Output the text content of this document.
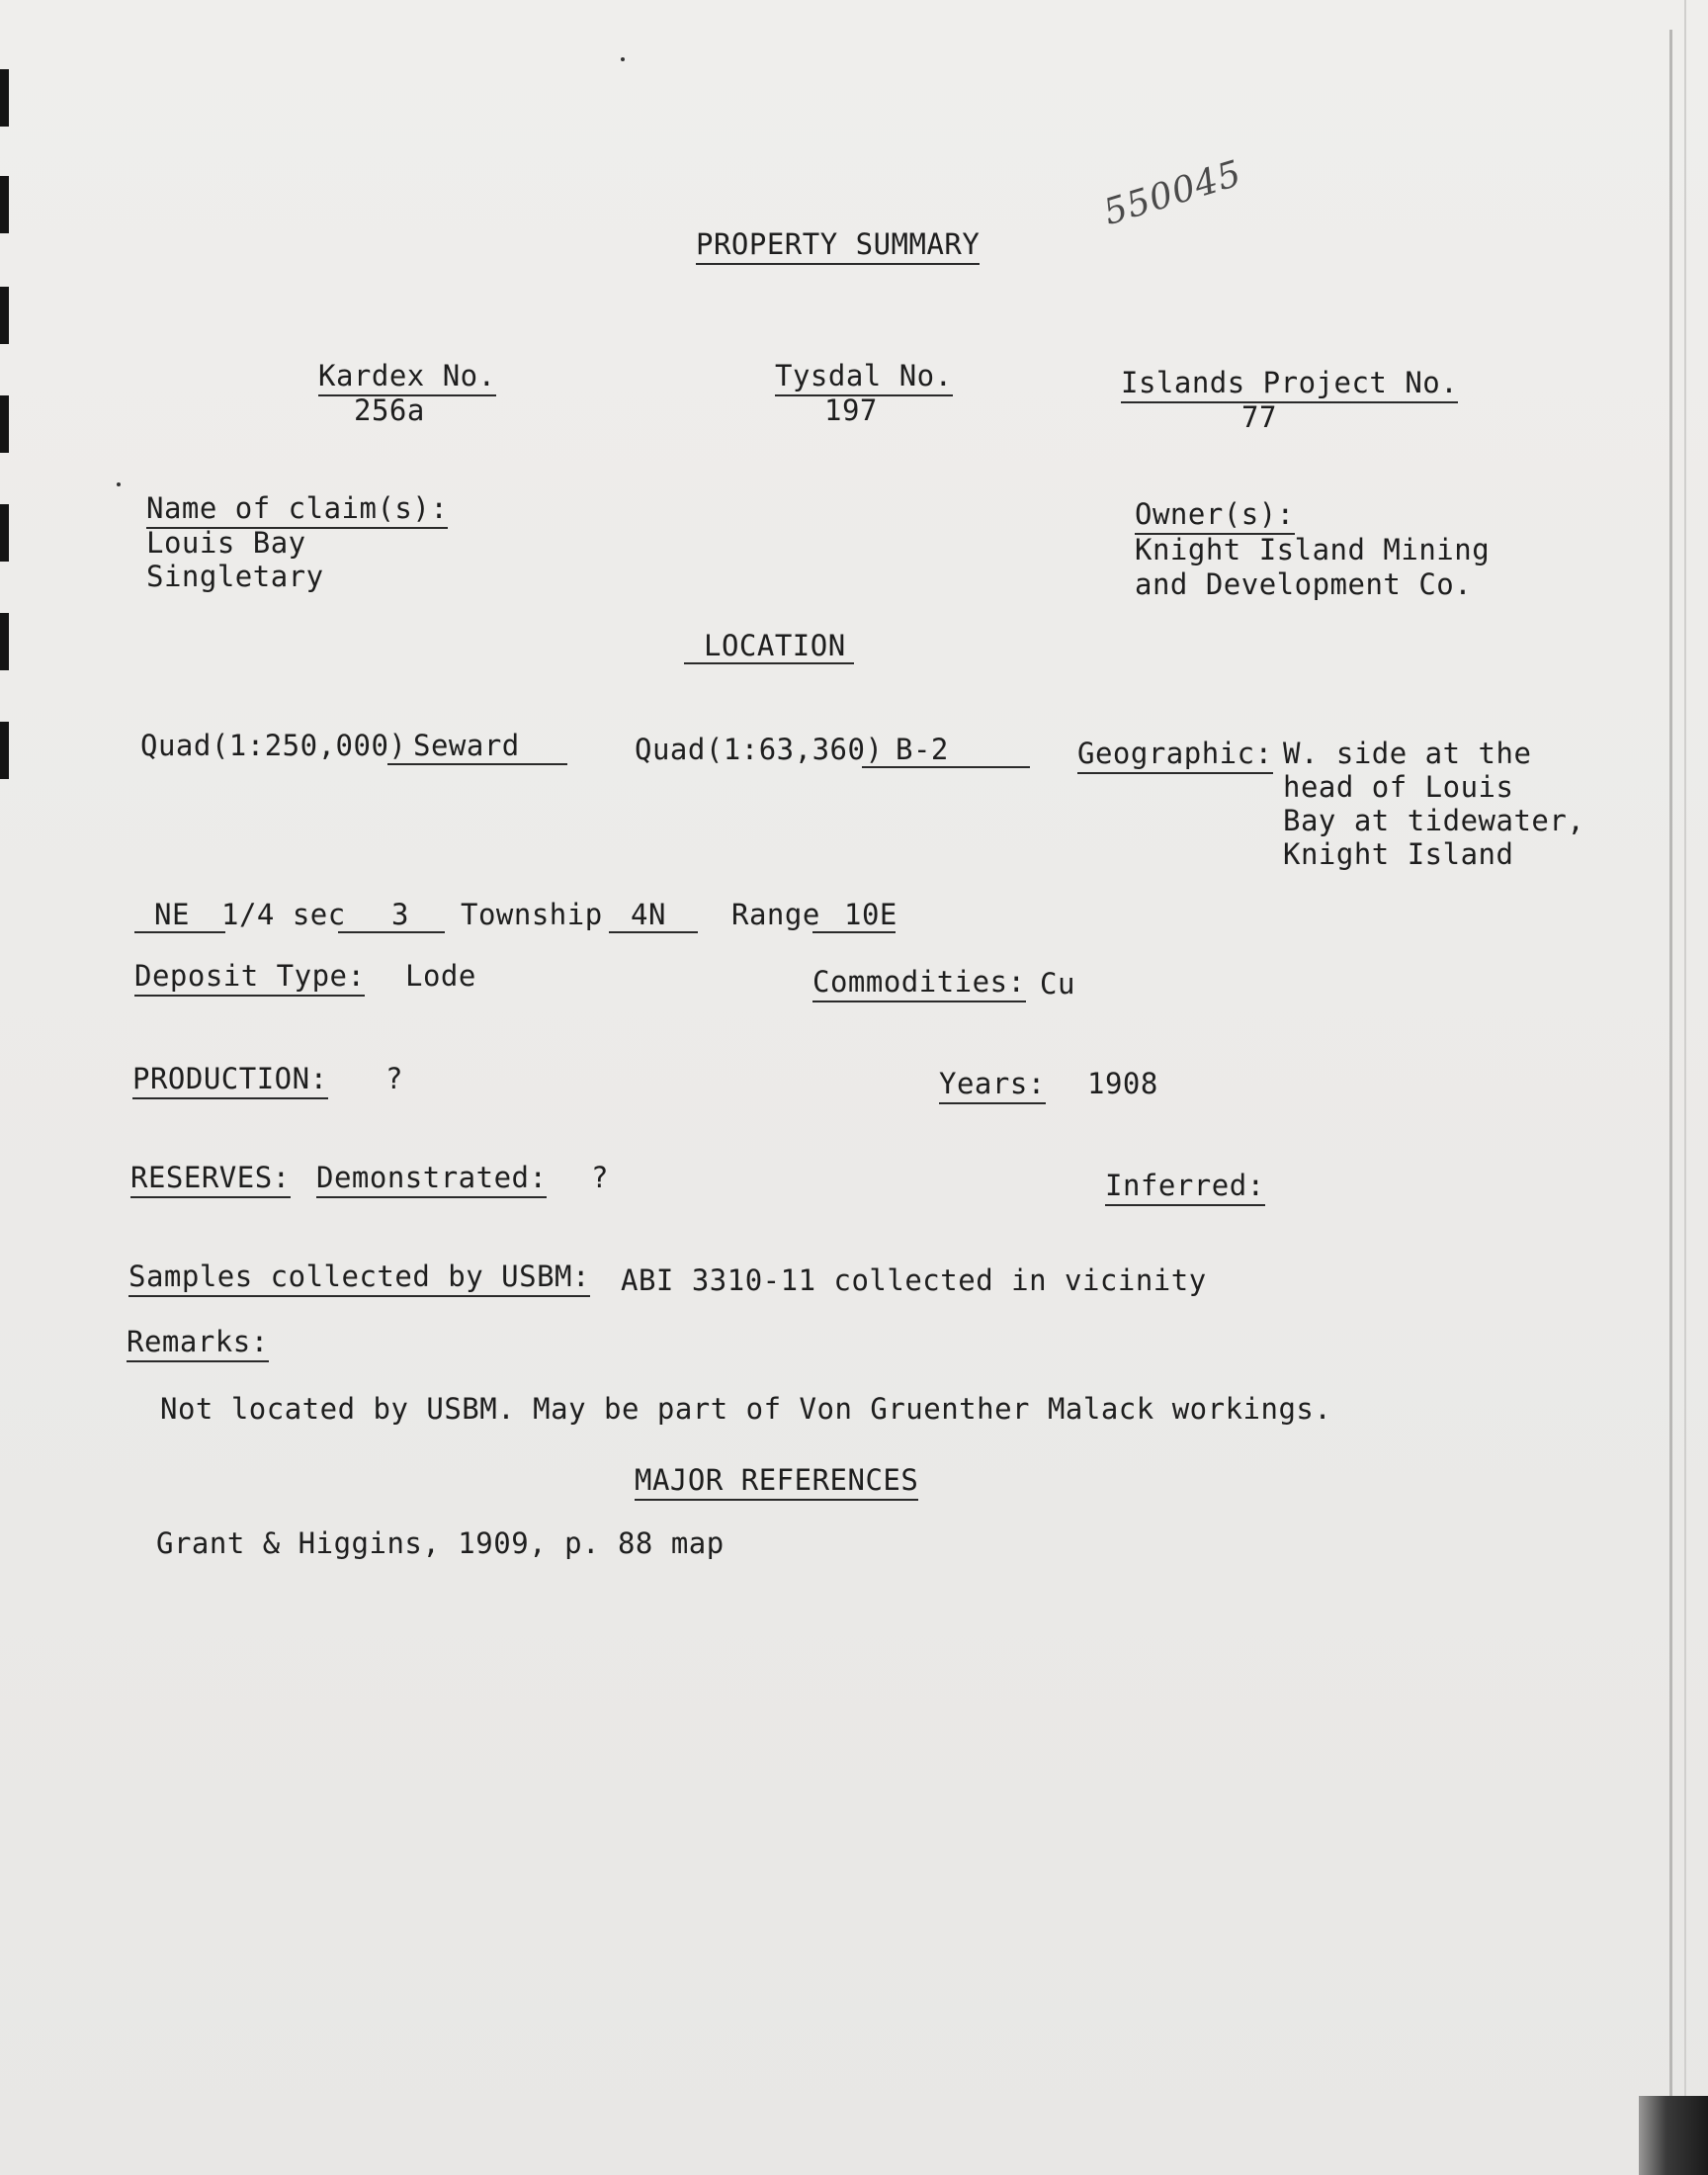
550045
PROPERTY SUMMARY
Kardex No.
256a
Tysdal No.
197
Islands Project No.
77
Name of claim(s):
Louis Bay
Singletary
Owner(s):
Knight Island Mining
and Development Co.
LOCATION
Quad(1:250,000) Seward	Quad(1:63,360) B-2	Geographic: W. side at the
head of Louis
Bay at tidewater,
Knight Island
NE 1/4 sec 3 Township 4N Range 10E
Deposit Type: Lode	Commodities: Cu
PRODUCTION: ?	Years: 1908
RESERVES: Demonstrated: ?	Inferred:
Samples collected by USBM: ABI 3310-11 collected in vicinity
Remarks:
Not located by USBM. May be part of Von Gruenther Malack workings.
MAJOR REFERENCES
Grant & Higgins, 1909, p. 88 map
